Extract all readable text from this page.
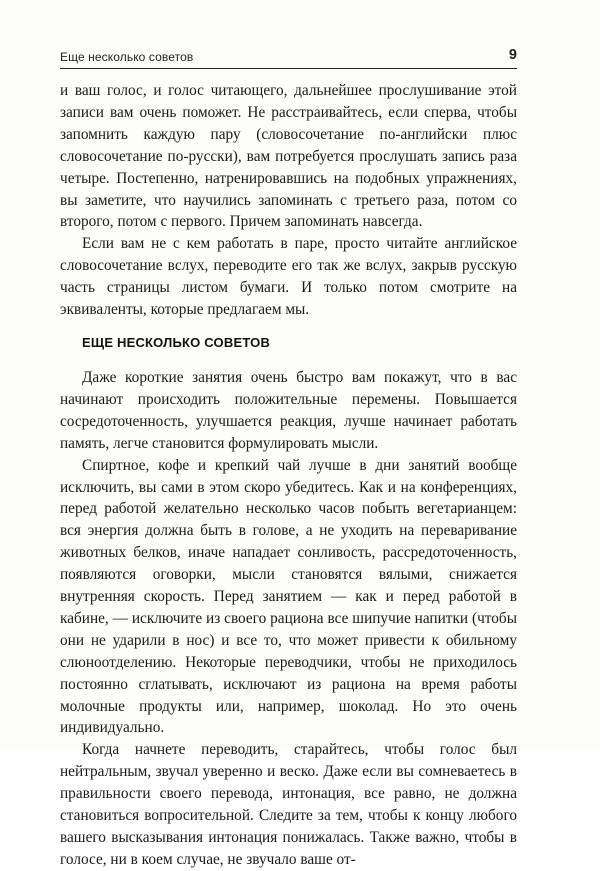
Еще несколько советов	9

и ваш голос, и голос читающего, дальнейшее прослушивание этой записи вам очень поможет. Не расстраивайтесь, если сперва, чтобы запомнить каждую пару (словосочетание по-английски плюс словосочетание по-русски), вам потребуется прослушать запись раза четыре. Постепенно, натренировавшись на подобных упражнениях, вы заметите, что научились запоминать с третьего раза, потом со второго, потом с первого. Причем запоминать навсегда.

Если вам не с кем работать в паре, просто читайте английское словосочетание вслух, переводите его так же вслух, закрыв русскую часть страницы листом бумаги. И только потом смотрите на эквиваленты, которые предлагаем мы.

ЕЩЕ НЕСКОЛЬКО СОВЕТОВ

Даже короткие занятия очень быстро вам покажут, что в вас начинают происходить положительные перемены. Повышается сосредоточенность, улучшается реакция, лучше начинает работать память, легче становится формулировать мысли.

Спиртное, кофе и крепкий чай лучше в дни занятий вообще исключить, вы сами в этом скоро убедитесь. Как и на конференциях, перед работой желательно несколько часов побыть вегетарианцем: вся энергия должна быть в голове, а не уходить на переваривание животных белков, иначе нападает сонливость, рассредоточенность, появляются оговорки, мысли становятся вялыми, снижается внутренняя скорость. Перед занятием — как и перед работой в кабине, — исключите из своего рациона все шипучие напитки (чтобы они не ударили в нос) и все то, что может привести к обильному слюноотделению. Некоторые переводчики, чтобы не приходилось постоянно сглатывать, исключают из рациона на время работы молочные продукты или, например, шоколад. Но это очень индивидуально.

Когда начнете переводить, старайтесь, чтобы голос был нейтральным, звучал уверенно и веско. Даже если вы сомневаетесь в правильности своего перевода, интонация, все равно, не должна становиться вопросительной. Следите за тем, чтобы к концу любого вашего высказывания интонация понижалась. Также важно, чтобы в голосе, ни в коем случае, не звучало ваше от-
